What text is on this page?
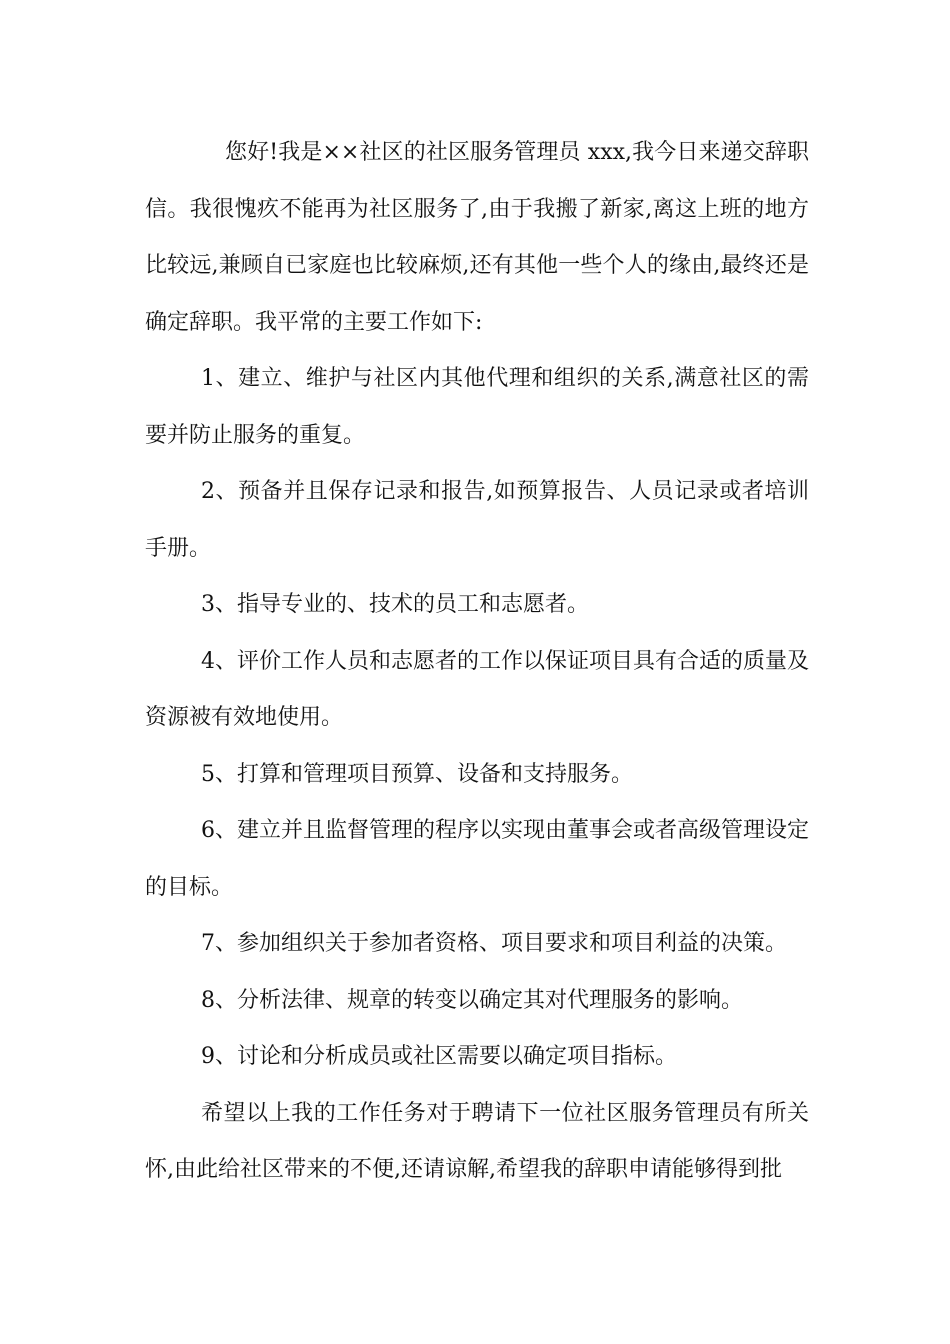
您好!我是××社区的社区服务管理员 xxx,我今日来递交辞职信。我很愧疚不能再为社区服务了,由于我搬了新家,离这上班的地方比较远,兼顾自已家庭也比较麻烦,还有其他一些个人的缘由,最终还是确定辞职。我平常的主要工作如下:

1、建立、维护与社区内其他代理和组织的关系,满意社区的需要并防止服务的重复。

2、预备并且保存记录和报告,如预算报告、人员记录或者培训手册。

3、指导专业的、技术的员工和志愿者。

4、评价工作人员和志愿者的工作以保证项目具有合适的质量及资源被有效地使用。

5、打算和管理项目预算、设备和支持服务。

6、建立并且监督管理的程序以实现由董事会或者高级管理设定的目标。

7、参加组织关于参加者资格、项目要求和项目利益的决策。

8、分析法律、规章的转变以确定其对代理服务的影响。

9、讨论和分析成员或社区需要以确定项目指标。

希望以上我的工作任务对于聘请下一位社区服务管理员有所关怀,由此给社区带来的不便,还请谅解,希望我的辞职申请能够得到批
